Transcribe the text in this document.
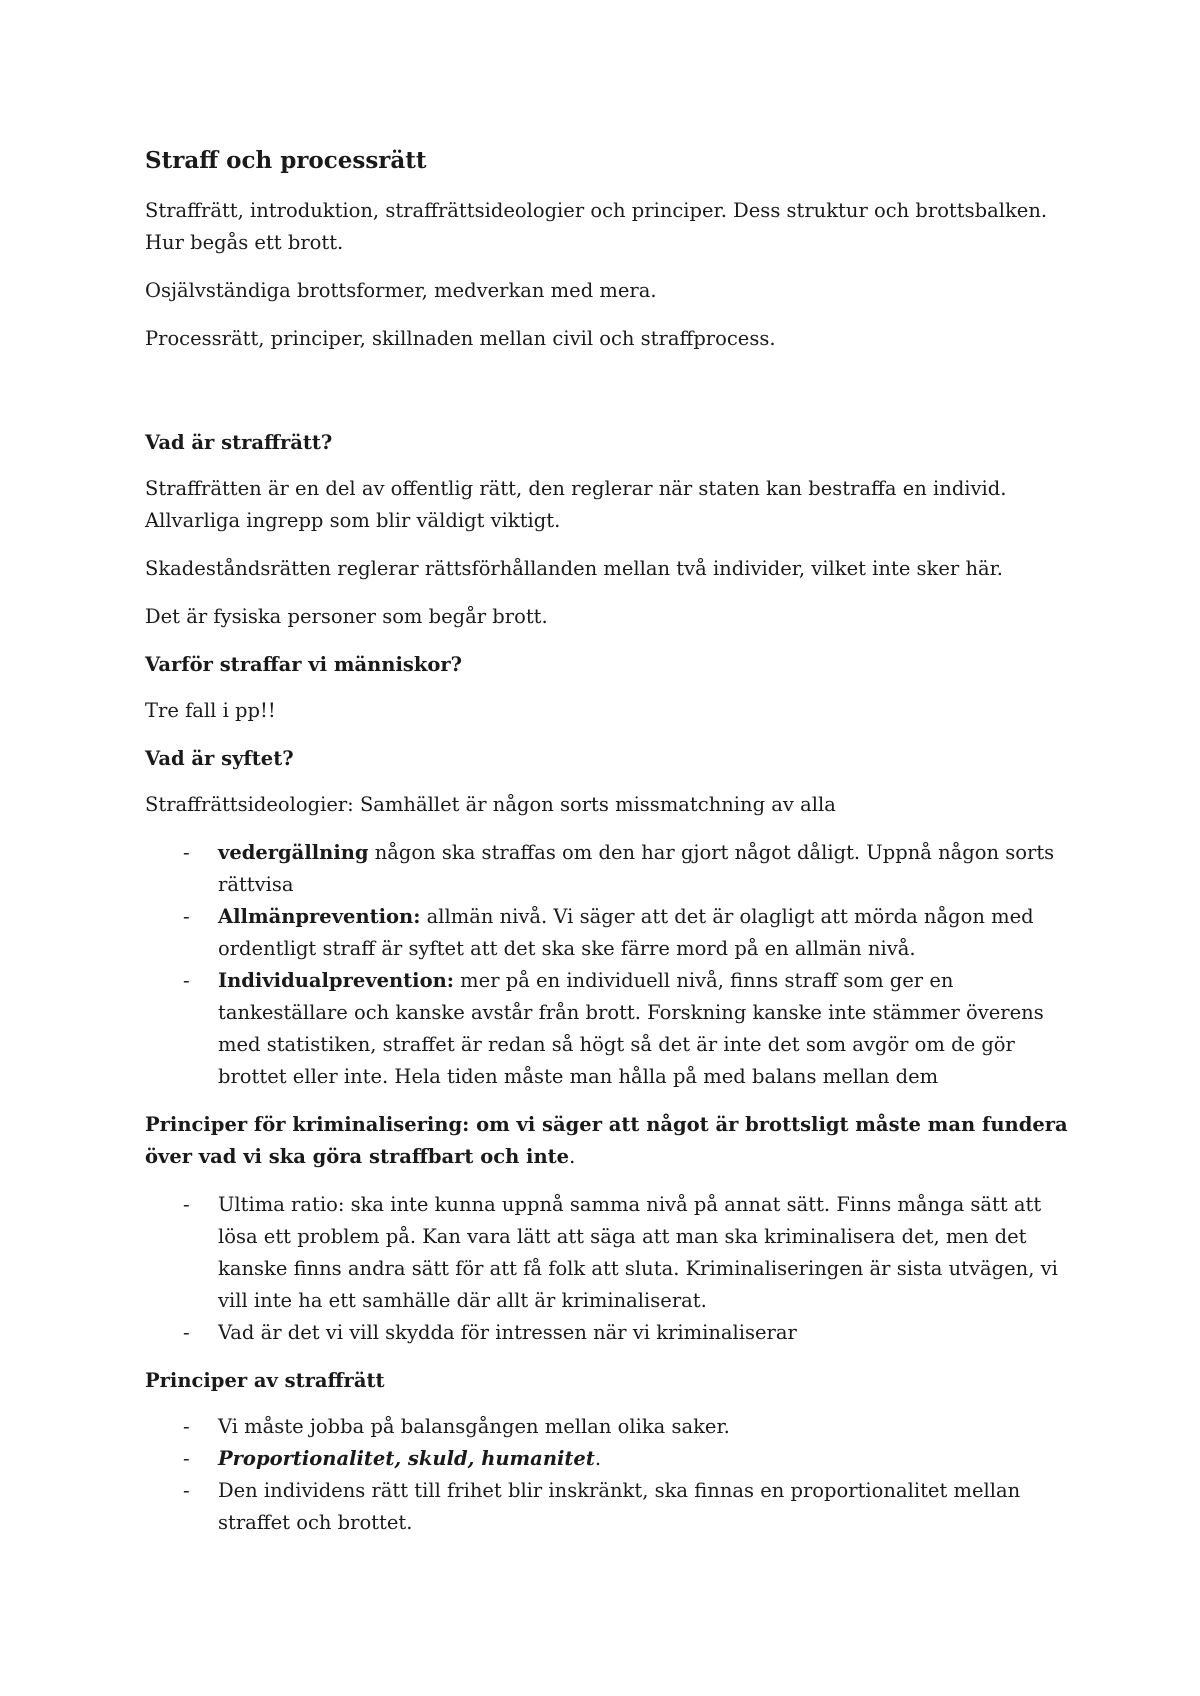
Straff och processrätt

Straffrätt, introduktion, straffrättsideologier och principer. Dess struktur och brottsbalken. Hur begås ett brott.

Osjälvständiga brottsformer, medverkan med mera.

Processrätt, principer, skillnaden mellan civil och straffprocess.

Vad är straffrätt?

Straffrätten är en del av offentlig rätt, den reglerar när staten kan bestraffa en individ. Allvarliga ingrepp som blir väldigt viktigt.

Skadeståndsrätten reglerar rättsförhållanden mellan två individer, vilket inte sker här.

Det är fysiska personer som begår brott.

Varför straffar vi människor?

Tre fall i pp!!

Vad är syftet?

Straffrättsideologier: Samhället är någon sorts missmatchning av alla

- vedergällning någon ska straffas om den har gjort något dåligt. Uppnå någon sorts rättvisa
- Allmänprevention: allmän nivå. Vi säger att det är olagligt att mörda någon med ordentligt straff är syftet att det ska ske färre mord på en allmän nivå.
- Individualprevention: mer på en individuell nivå, finns straff som ger en tankeställare och kanske avstår från brott. Forskning kanske inte stämmer överens med statistiken, straffet är redan så högt så det är inte det som avgör om de gör brottet eller inte. Hela tiden måste man hålla på med balans mellan dem

Principer för kriminalisering: om vi säger att något är brottsligt måste man fundera över vad vi ska göra straffbart och inte.

- Ultima ratio: ska inte kunna uppnå samma nivå på annat sätt. Finns många sätt att lösa ett problem på. Kan vara lätt att säga att man ska kriminalisera det, men det kanske finns andra sätt för att få folk att sluta. Kriminaliseringen är sista utvägen, vi vill inte ha ett samhälle där allt är kriminaliserat.
- Vad är det vi vill skydda för intressen när vi kriminaliserar
Principer av straffrätt
- Vi måste jobba på balansgången mellan olika saker.
- Proportionalitet, skuld, humanitet.
- Den individens rätt till frihet blir inskränkt, ska finnas en proportionalitet mellan straffet och brottet.
